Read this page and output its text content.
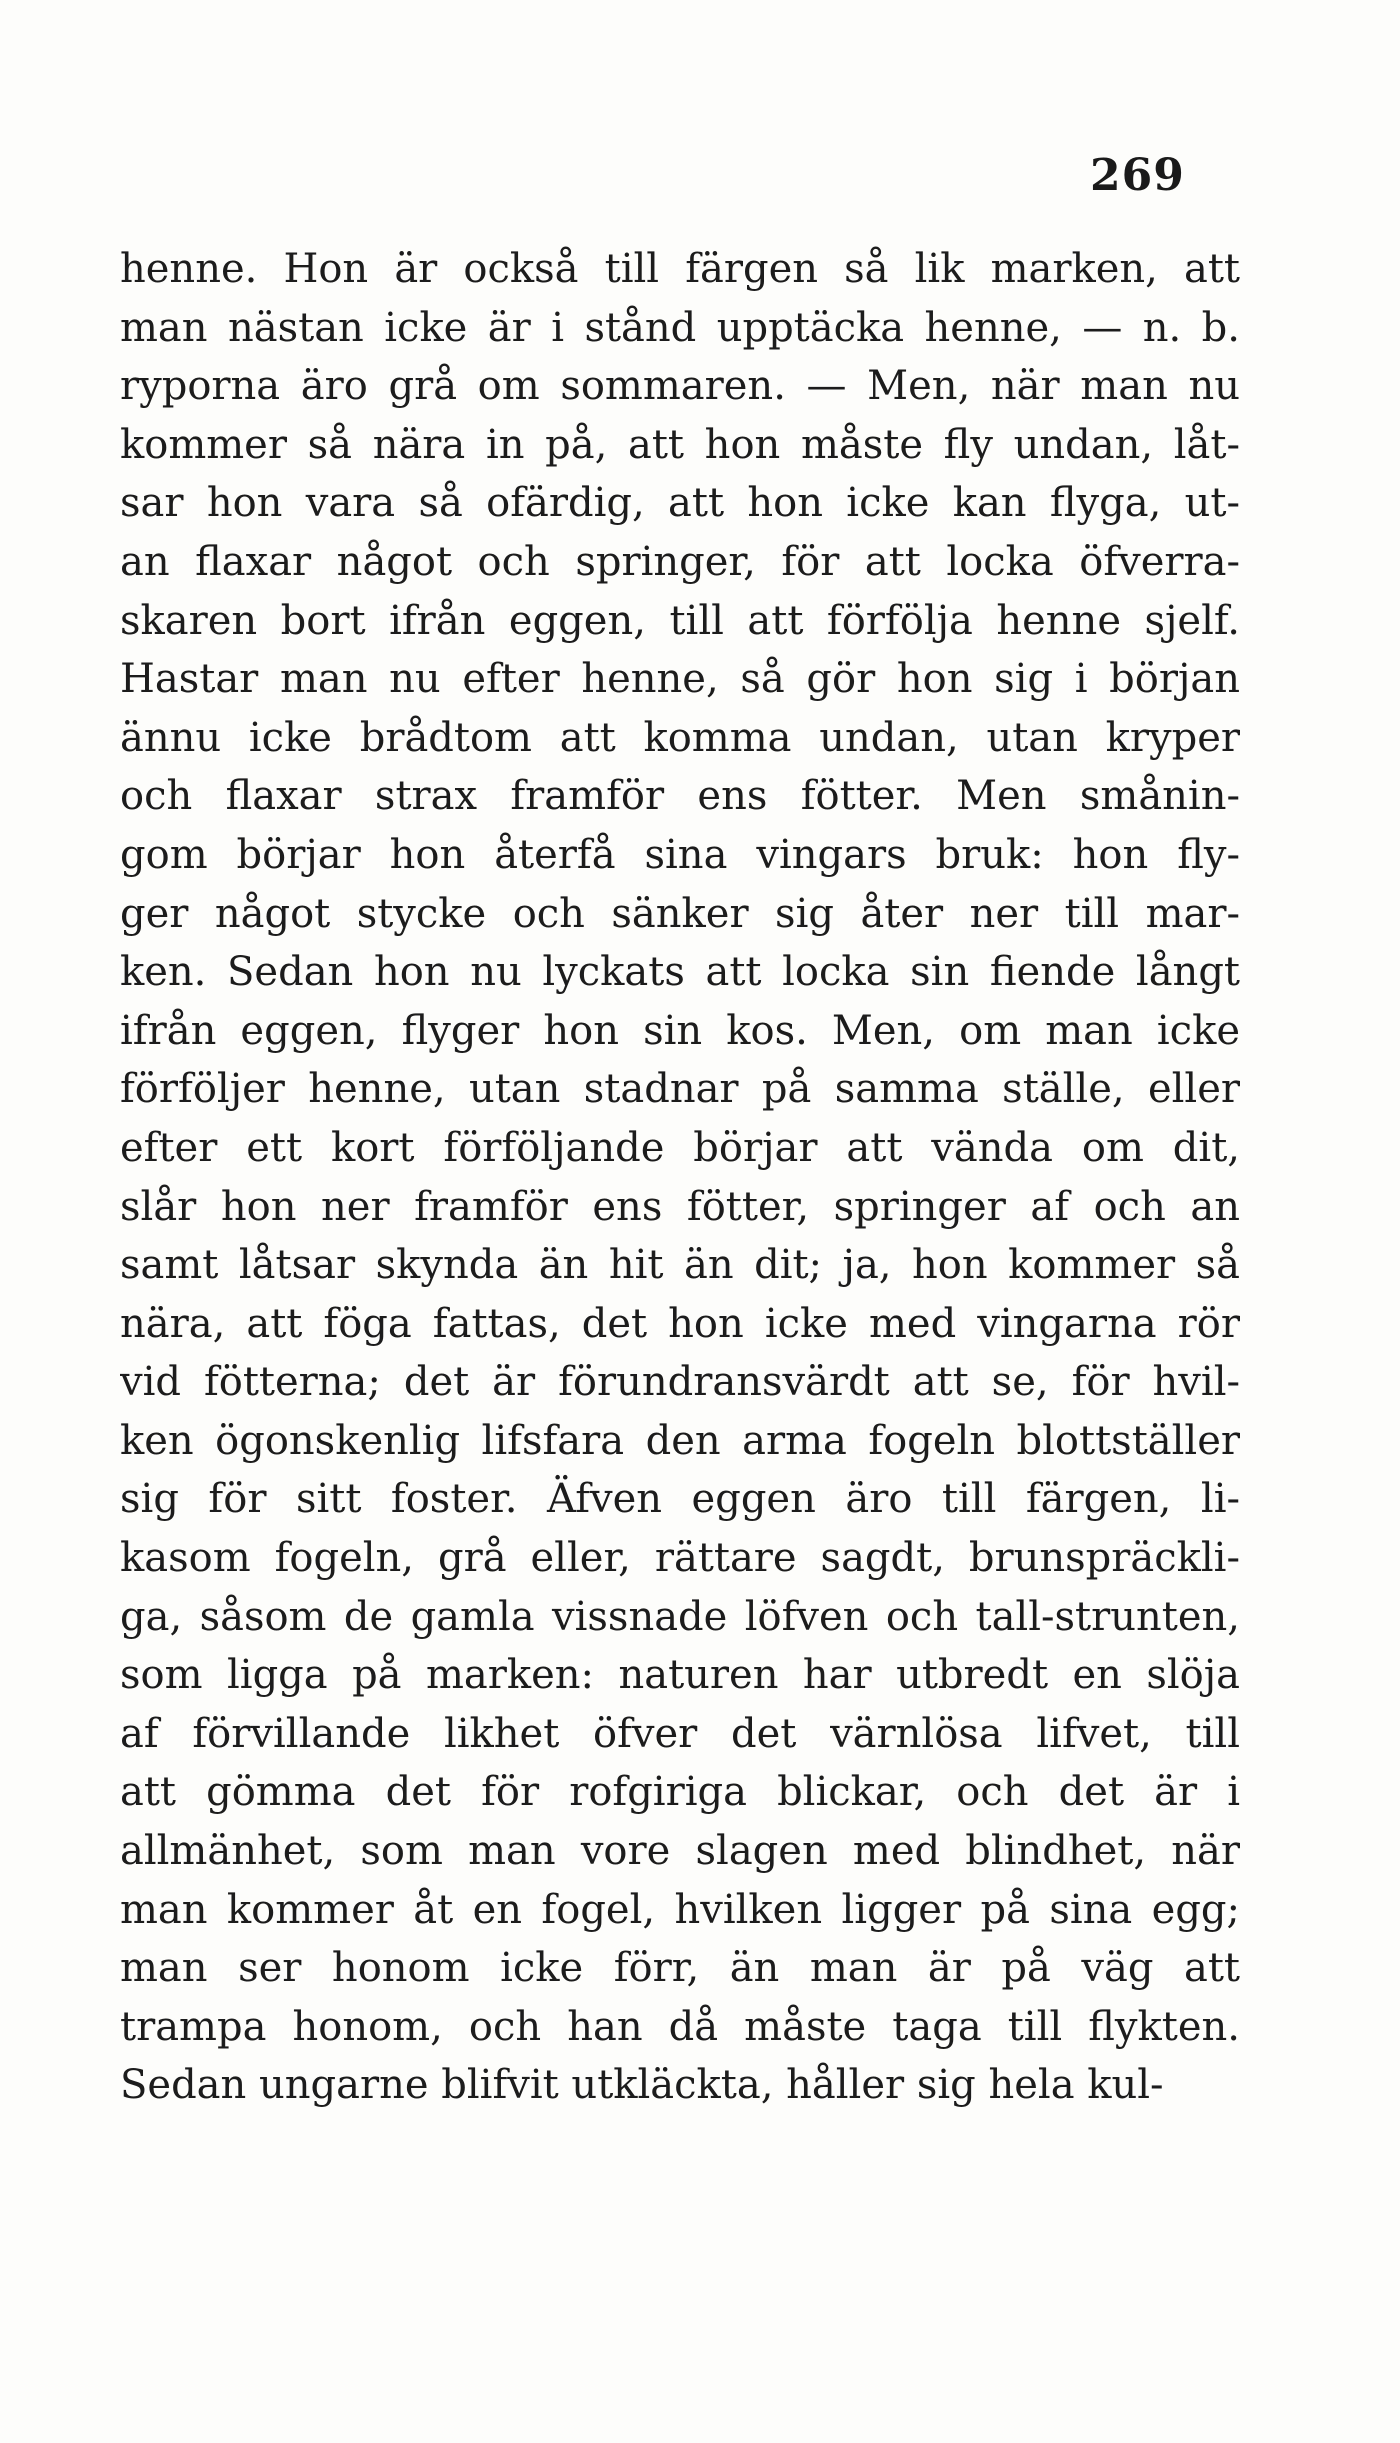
269
henne. Hon är också till färgen så lik marken, att
man nästan icke är i stånd upptäcka henne, — n. b.
ryporna äro grå om sommaren. — Men, när man nu
kommer så nära in på, att hon måste fly undan, låt-
sar hon vara så ofärdig, att hon icke kan flyga, ut-
an flaxar något och springer, för att locka öfverra-
skaren bort ifrån eggen, till att förfölja henne sjelf.
Hastar man nu efter henne, så gör hon sig i början
ännu icke brådtom att komma undan, utan kryper
och flaxar strax framför ens fötter. Men smånin-
gom börjar hon återfå sina vingars bruk: hon fly-
ger något stycke och sänker sig åter ner till mar-
ken. Sedan hon nu lyckats att locka sin fiende långt
ifrån eggen, flyger hon sin kos. Men, om man icke
förföljer henne, utan stadnar på samma ställe, eller
efter ett kort förföljande börjar att vända om dit,
slår hon ner framför ens fötter, springer af och an
samt låtsar skynda än hit än dit; ja, hon kommer så
nära, att föga fattas, det hon icke med vingarna rör
vid fötterna; det är förundransvärdt att se, för hvil-
ken ögonskenlig lifsfara den arma fogeln blottställer
sig för sitt foster. Äfven eggen äro till färgen, li-
kasom fogeln, grå eller, rättare sagdt, brunspräckli-
ga, såsom de gamla vissnade löfven och tall-strunten,
som ligga på marken: naturen har utbredt en slöja
af förvillande likhet öfver det värnlösa lifvet, till
att gömma det för rofgiriga blickar, och det är i
allmänhet, som man vore slagen med blindhet, när
man kommer åt en fogel, hvilken ligger på sina egg;
man ser honom icke förr, än man är på väg att
trampa honom, och han då måste taga till flykten.
Sedan ungarne blifvit utkläckta, håller sig hela kul-
